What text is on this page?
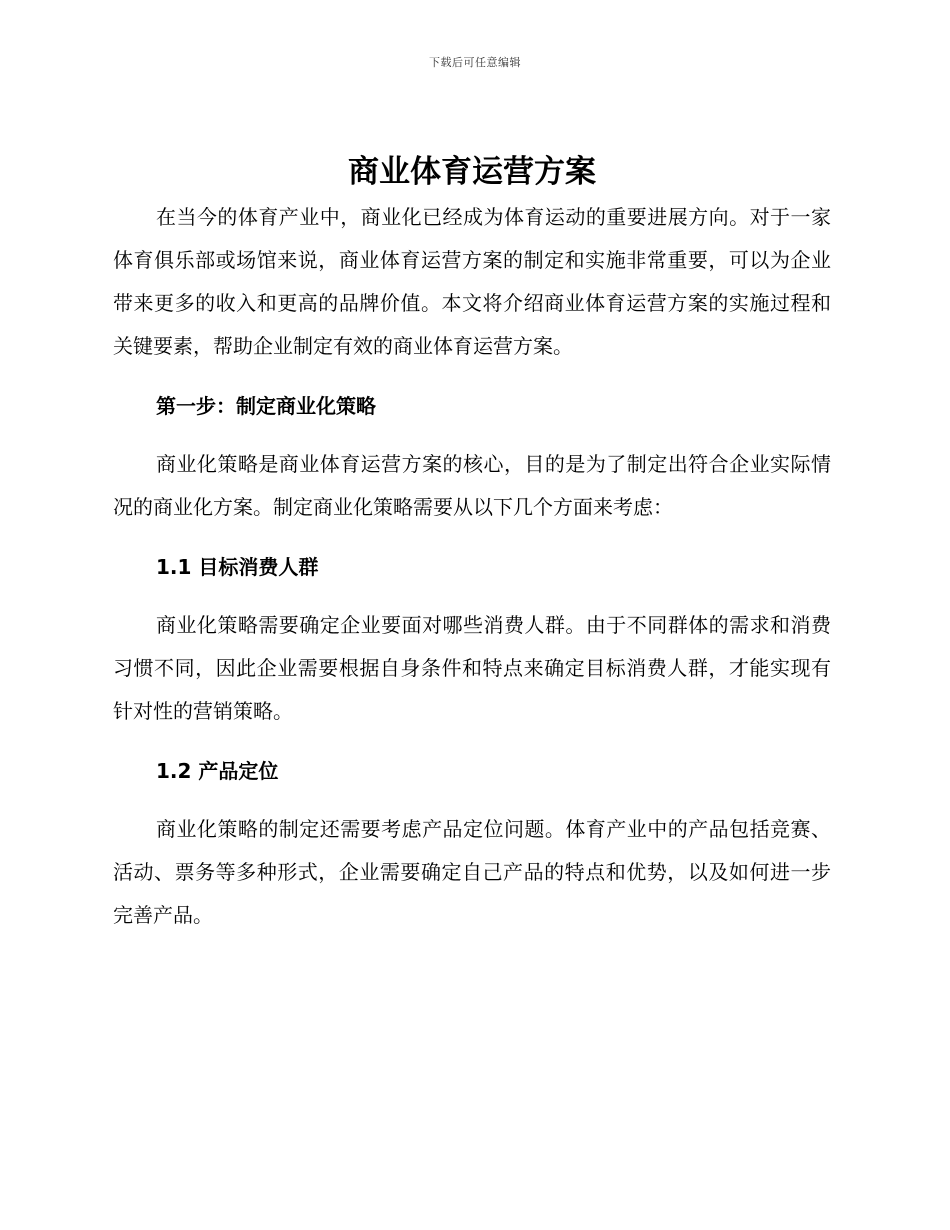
下载后可任意编辑
商业体育运营方案

在当今的体育产业中，商业化已经成为体育运动的重要进展方向。对于一家体育俱乐部或场馆来说，商业体育运营方案的制定和实施非常重要，可以为企业带来更多的收入和更高的品牌价值。本文将介绍商业体育运营方案的实施过程和关键要素，帮助企业制定有效的商业体育运营方案。

第一步：制定商业化策略

商业化策略是商业体育运营方案的核心，目的是为了制定出符合企业实际情况的商业化方案。制定商业化策略需要从以下几个方面来考虑：

1.1 目标消费人群

商业化策略需要确定企业要面对哪些消费人群。由于不同群体的需求和消费习惯不同，因此企业需要根据自身条件和特点来确定目标消费人群，才能实现有针对性的营销策略。

1.2 产品定位

商业化策略的制定还需要考虑产品定位问题。体育产业中的产品包括竞赛、活动、票务等多种形式，企业需要确定自己产品的特点和优势，以及如何进一步完善产品。
